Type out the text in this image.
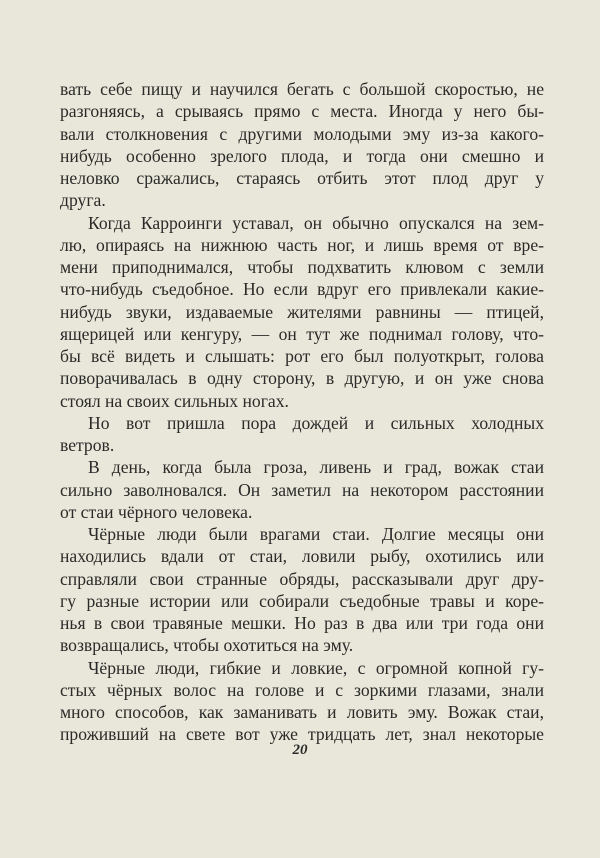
вать себе пищу и научился бегать с большой скоростью, не
разгоняясь, а срываясь прямо с места. Иногда у него бы-
вали столкновения с другими молодыми эму из-за какого-
нибудь особенно зрелого плода, и тогда они смешно и
неловко сражались, стараясь отбить этот плод друг у
друга.
Когда Карроинги уставал, он обычно опускался на зем-
лю, опираясь на нижнюю часть ног, и лишь время от вре-
мени приподнимался, чтобы подхватить клювом с земли
что-нибудь съедобное. Но если вдруг его привлекали какие-
нибудь звуки, издаваемые жителями равнины — птицей,
ящерицей или кенгуру, — он тут же поднимал голову, что-
бы всё видеть и слышать: рот его был полуоткрыт, голова
поворачивалась в одну сторону, в другую, и он уже снова
стоял на своих сильных ногах.
Но вот пришла пора дождей и сильных холодных
ветров.
В день, когда была гроза, ливень и град, вожак стаи
сильно заволновался. Он заметил на некотором расстоянии
от стаи чёрного человека.
Чёрные люди были врагами стаи. Долгие месяцы они
находились вдали от стаи, ловили рыбу, охотились или
справляли свои странные обряды, рассказывали друг дру-
гу разные истории или собирали съедобные травы и коре-
нья в свои травяные мешки. Но раз в два или три года они
возвращались, чтобы охотиться на эму.
Чёрные люди, гибкие и ловкие, с огромной копной гу-
стых чёрных волос на голове и с зоркими глазами, знали
много способов, как заманивать и ловить эму. Вожак стаи,
проживший на свете вот уже тридцать лет, знал некоторые
20
